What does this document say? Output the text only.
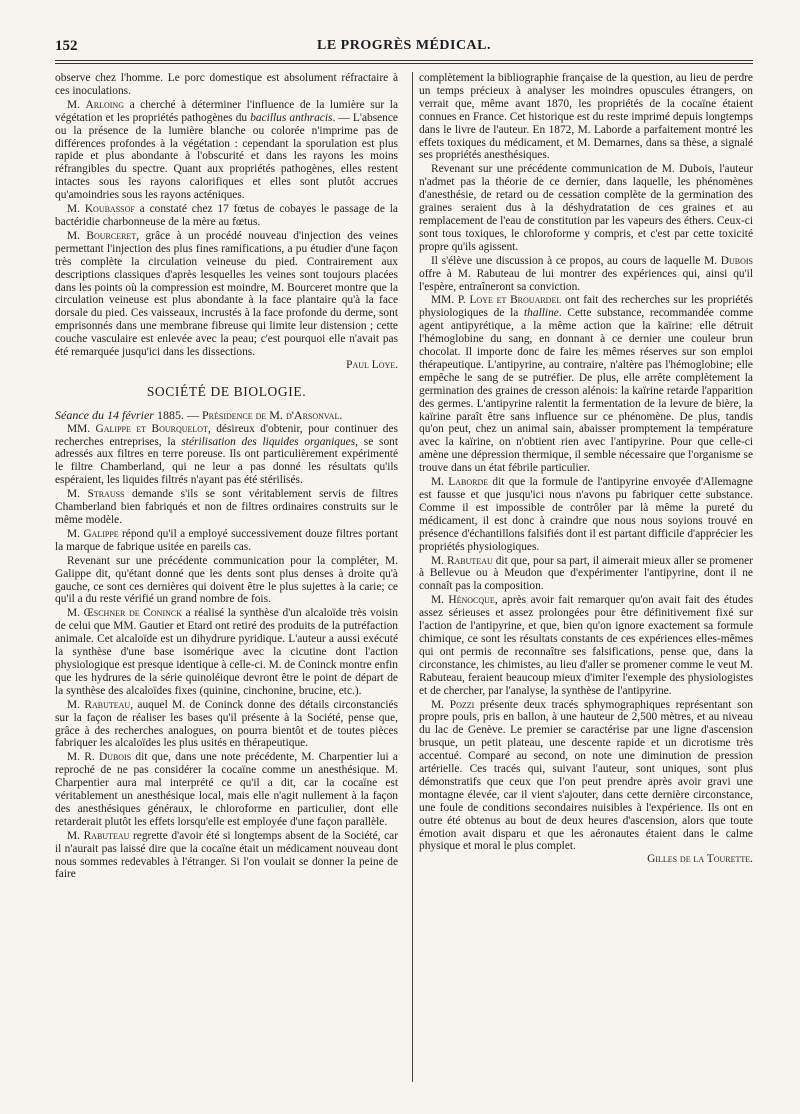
152	LE PROGRÈS MÉDICAL.

observe chez l'homme. Le porc domestique est absolument réfractaire à ces inoculations.

M. Arloing a cherché à déterminer l'influence de la lumière sur la végétation et les propriétés pathogènes du bacillus anthracis. — L'absence ou la présence de la lumière blanche ou colorée n'imprime pas de différences profondes à la végétation : cependant la sporulation est plus rapide et plus abondante à l'obscurité et dans les rayons les moins réfrangibles du spectre. Quant aux propriétés pathogènes, elles restent intactes sous les rayons calorifiques et elles sont plutôt accrues qu'amoindries sous les rayons acténiques.

M. Koubassof a constaté chez 17 fœtus de cobayes le passage de la bactéridie charbonneuse de la mère au fœtus.

M. Bourceret, grâce à un procédé nouveau d'injection des veines permettant l'injection des plus fines ramifications, a pu étudier d'une façon très complète la circulation veineuse du pied. Contrairement aux descriptions classiques d'après lesquelles les veines sont toujours placées dans les points où la compression est moindre, M. Bourceret montre que la circulation veineuse est plus abondante à la face plantaire qu'à la face dorsale du pied. Ces vaisseaux, incrustés à la face profonde du derme, sont emprisonnés dans une membrane fibreuse qui limite leur distension ; cette couche vasculaire est enlevée avec la peau; c'est pourquoi elle n'avait pas été remarquée jusqu'ici dans les dissections.
Paul Loye.

SOCIÉTÉ DE BIOLOGIE.

Séance du 14 février 1885. — Présidence de M. d'Arsonval.

MM. Galippe et Bourquelot, désireux d'obtenir, pour continuer des recherches entreprises, la stérilisation des liquides organiques, se sont adressés aux filtres en terre poreuse. Ils ont particulièrement expérimenté le filtre Chamberland, qui ne leur a pas donné les résultats qu'ils espéraient, les liquides filtrés n'ayant pas été stérilisés.

M. Strauss demande s'ils se sont véritablement servis de filtres Chamberland bien fabriqués et non de filtres ordinaires construits sur le même modèle.

M. Galippe répond qu'il a employé successivement douze filtres portant la marque de fabrique usitée en pareils cas.

Revenant sur une précédente communication pour la compléter, M. Galippe dit, qu'étant donné que les dents sont plus denses à droite qu'à gauche, ce sont ces dernières qui doivent être le plus sujettes à la carie; ce qu'il a du reste vérifié un grand nombre de fois.

M. Œschner de Coninck a réalisé la synthèse d'un alcaloïde très voisin de celui que MM. Gautier et Etard ont retiré des produits de la putréfaction animale. Cet alcaloïde est un dihydrure pyridique. L'auteur a aussi exécuté la synthèse d'une base isomérique avec la cicutine dont l'action physiologique est presque identique à celle-ci. M. de Coninck montre enfin que les hydrures de la série quinoléique devront être le point de départ de la synthèse des alcaloïdes fixes (quinine, cinchonine, brucine, etc.).

M. Rabuteau, auquel M. de Coninck donne des détails circonstanciés sur la façon de réaliser les bases qu'il présente à la Société, pense que, grâce à des recherches analogues, on pourra bientôt et de toutes pièces fabriquer les alcaloïdes les plus usités en thérapeutique.

M. R. Dubois dit que, dans une note précédente, M. Charpentier lui a reproché de ne pas considérer la cocaïne comme un anesthésique. M. Charpentier aura mal interprété ce qu'il a dit, car la cocaïne est véritablement un anesthésique local, mais elle n'agit nullement à la façon des anesthésiques généraux, le chloroforme en particulier, dont elle retarderait plutôt les effets lorsqu'elle est employée d'une façon parallèle.

M. Rabuteau regrette d'avoir été si longtemps absent de la Société, car il n'aurait pas laissé dire que la cocaïne était un médicament nouveau dont nous sommes redevables à l'étranger. Si l'on voulait se donner la peine de faire

complètement la bibliographie française de la question, au lieu de perdre un temps précieux à analyser les moindres opuscules étrangers, on verrait que, même avant 1870, les propriétés de la cocaïne étaient connues en France. Cet historique est du reste imprimé depuis longtemps dans le livre de l'auteur. En 1872, M. Laborde a parfaitement montré les effets toxiques du médicament, et M. Demarnes, dans sa thèse, a signalé ses propriétés anesthésiques.

Revenant sur une précédente communication de M. Dubois, l'auteur n'admet pas la théorie de ce dernier, dans laquelle, les phénomènes d'anesthésie, de retard ou de cessation complète de la germination des graines seraient dus à la déshydratation de ces graines et au remplacement de l'eau de constitution par les vapeurs des éthers. Ceux-ci sont tous toxiques, le chloroforme y compris, et c'est par cette toxicité propre qu'ils agissent.

Il s'élève une discussion à ce propos, au cours de laquelle M. Dubois offre à M. Rabuteau de lui montrer des expériences qui, ainsi qu'il l'espère, entraîneront sa conviction.

MM. P. Loye et Brouardel ont fait des recherches sur les propriétés physiologiques de la thalline. Cette substance, recommandée comme agent antipyrétique, a la même action que la kaïrine: elle détruit l'hémoglobine du sang, en donnant à ce dernier une couleur brun chocolat. Il importe donc de faire les mêmes réserves sur son emploi thérapeutique. L'antipyrine, au contraire, n'altère pas l'hémoglobine; elle empêche le sang de se putréfier. De plus, elle arrête complètement la germination des graines de cresson alénois: la kaïrine retarde l'apparition des germes. L'antipyrine ralentit la fermentation de la levure de bière, la kaïrine paraît être sans influence sur ce phénomène. De plus, tandis qu'on peut, chez un animal sain, abaisser promptement la température avec la kaïrine, on n'obtient rien avec l'antipyrine. Pour que celle-ci amène une dépression thermique, il semble nécessaire que l'organisme se trouve dans un état fébrile particulier.

M. Laborde dit que la formule de l'antipyrine envoyée d'Allemagne est fausse et que jusqu'ici nous n'avons pu fabriquer cette substance. Comme il est impossible de contrôler par là même la pureté du médicament, il est donc à craindre que nous nous soyions trouvé en présence d'échantillons falsifiés dont il est partant difficile d'apprécier les propriétés physiologiques.

M. Rabuteau dit que, pour sa part, il aimerait mieux aller se promener à Bellevue ou à Meudon que d'expérimenter l'antipyrine, dont il ne connaît pas la composition.

M. Hénocque, après avoir fait remarquer qu'on avait fait des études assez sérieuses et assez prolongées pour être définitivement fixé sur l'action de l'antipyrine, et que, bien qu'on ignore exactement sa formule chimique, ce sont les résultats constants de ces expériences elles-mêmes qui ont permis de reconnaître ses falsifications, pense que, dans la circonstance, les chimistes, au lieu d'aller se promener comme le veut M. Rabuteau, feraient beaucoup mieux d'imiter l'exemple des physiologistes et de chercher, par l'analyse, la synthèse de l'antipyrine.

M. Pozzi présente deux tracés sphymographiques représentant son propre pouls, pris en ballon, à une hauteur de 2,500 mètres, et au niveau du lac de Genève. Le premier se caractérise par une ligne d'ascension brusque, un petit plateau, une descente rapide et un dicrotisme très accentué. Comparé au second, on note une diminution de pression artérielle. Ces tracés qui, suivant l'auteur, sont uniques, sont plus démonstratifs que ceux que l'on peut prendre après avoir gravi une montagne élevée, car il vient s'ajouter, dans cette dernière circonstance, une foule de conditions secondaires nuisibles à l'expérience. Ils ont en outre été obtenus au bout de deux heures d'ascension, alors que toute émotion avait disparu et que les aéronautes étaient dans le calme physique et moral le plus complet.
Gilles de la Tourette.
